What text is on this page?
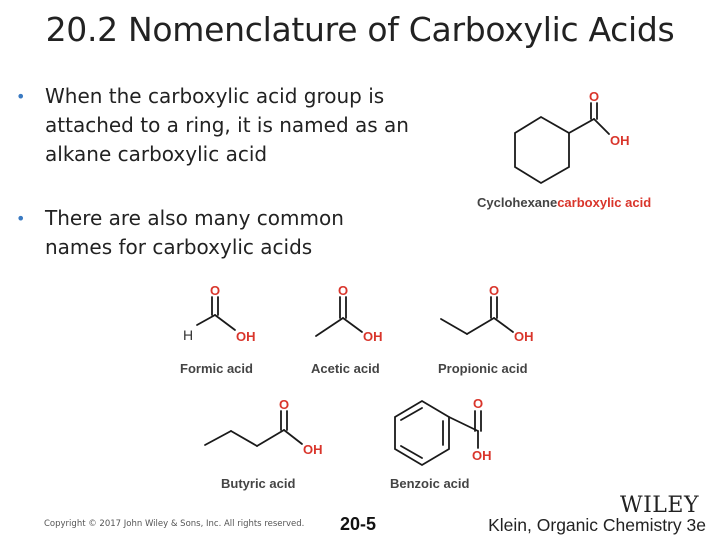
20.2 Nomenclature of Carboxylic Acids
• When the carboxylic acid group is attached to a ring, it is named as an alkane carboxylic acid
• There are also many common names for carboxylic acids
O
OH
O
OH
O
OH
O
OH
O
OH
O
OH
H
Cyclohexanecarboxylic acid
Formic acid	Acetic acid	Propionic acid
Butyric acid	Benzoic acid
Copyright © 2017 John Wiley & Sons, Inc. All rights reserved. 20-5
WILEY
Klein, Organic Chemistry 3e
